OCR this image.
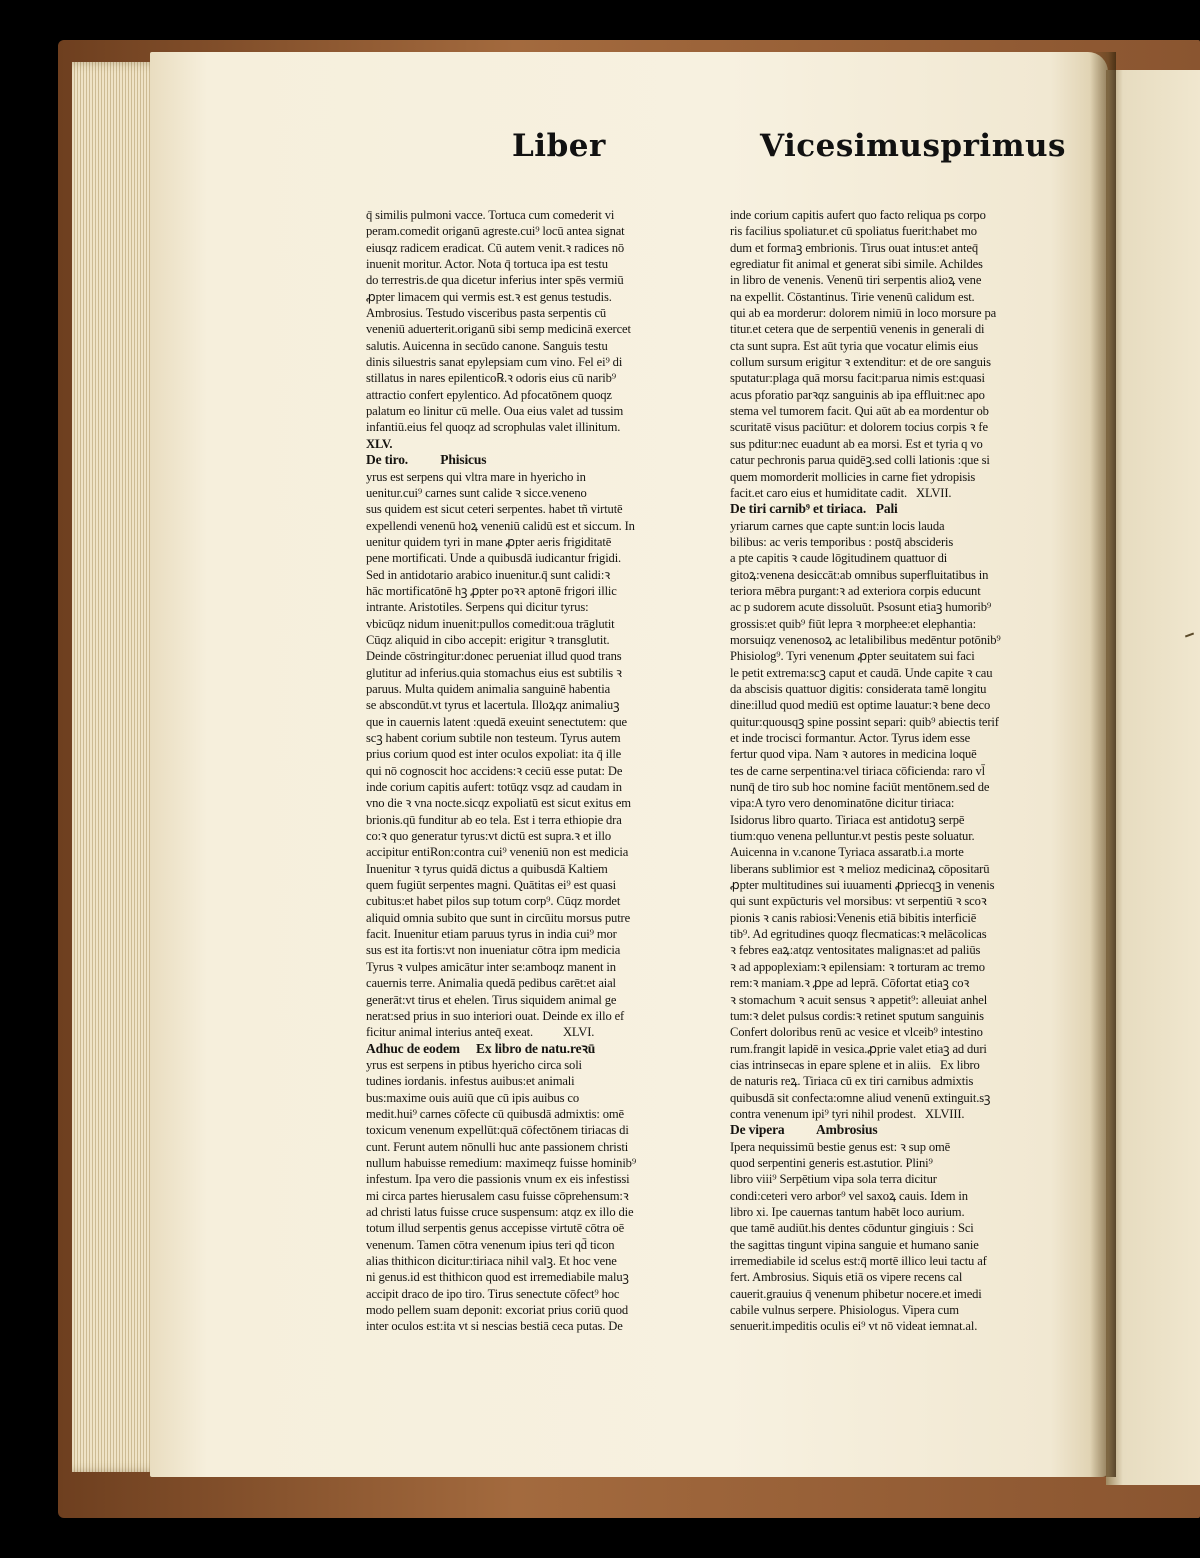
Liber	Vicesimusprimus
q̄ similis pulmoni vacce. Tortuca cum comederit vi
peram.comedit origanū agreste.cui⁹ locū antea signat
eiusqz radicem eradicat. Cū autem venit.ꝛ radices nō
inuenit moritur. Actor. Nota q̄ tortuca ipa est testu
do terrestris.de qua dicetur inferius inter spēs vermiū
ꝓpter limacem qui vermis est.ꝛ est genus testudis.
Ambrosius. Testudo visceribus pasta serpentis cū
veneniū aduerterit.origanū sibi semp medicinā exercet
salutis. Auicenna in secūdo canone. Sanguis testu
dinis siluestris sanat epylepsiam cum vino. Fel ei⁹ di
stillatus in nares epilentico℞.ꝛ odoris eius cū narib⁹
attractio confert epylentico. Ad pfocatōnem quoqz
palatum eo linitur cū melle. Oua eius valet ad tussim
infantiū.eius fel quoqz ad scrophulas valet illinitum.
XLV.
De tiro.          Phisicus
yrus est serpens qui vltra mare in hyericho in
uenitur.cui⁹ carnes sunt calide ꝛ sicce.veneno
sus quidem est sicut ceteri serpentes. habet tñ virtutē
expellendi venenū hoꝝ veneniū calidū est et siccum. In
uenitur quidem tyri in mane ꝓpter aeris frigiditatē
pene mortificati. Unde a quibusdā iudicantur frigidi.
Sed in antidotario arabico inuenitur.q̄ sunt calidi:ꝛ
hāc mortificatōnē hꝫ ꝓpter poꝛꝛ aptonē frigori illic
intrante. Aristotiles. Serpens qui dicitur tyrus:
vbicūqz nidum inuenit:pullos comedit:oua trāglutit
Cūqz aliquid in cibo accepit: erigitur ꝛ transglutit.
Deinde cōstringitur:donec perueniat illud quod trans
glutitur ad inferius.quia stomachus eius est subtilis ꝛ
paruus. Multa quidem animalia sanguinē habentia
se abscondūt.vt tyrus et lacertula. Illoꝝqz animaliuꝫ
que in cauernis latent :quedā exeuint senectutem: que
scꝫ habent corium subtile non testeum. Tyrus autem
prius corium quod est inter oculos expoliat: ita q̄ ille
qui nō cognoscit hoc accidens:ꝛ ceciū esse putat: De
inde corium capitis aufert: totūqz vsqz ad caudam in
vno die ꝛ vna nocte.sicqz expoliatū est sicut exitus em
brionis.qū funditur ab eo tela. Est i terra ethiopie dra
co:ꝛ quo generatur tyrus:vt dictū est supra.ꝛ et illo
accipitur entiRon:contra cui⁹ veneniū non est medicia
Inuenitur ꝛ tyrus quidā dictus a quibusdā Kaltiem
quem fugiūt serpentes magni. Quātitas ei⁹ est quasi
cubitus:et habet pilos sup totum corp⁹. Cūqz mordet
aliquid omnia subito que sunt in circūitu morsus putre
facit. Inuenitur etiam paruus tyrus in india cui⁹ mor
sus est ita fortis:vt non inueniatur cōtra ipm medicia
Tyrus ꝛ vulpes amicātur inter se:amboqz manent in
cauernis terre. Animalia quedā pedibus carēt:et aial
generāt:vt tirus et ehelen. Tirus siquidem animal ge
nerat:sed prius in suo interiori ouat. Deinde ex illo ef
ficitur animal interius anteq̄ exeat.          XLVI.
Adhuc de eodem     Ex libro de natu.reꝛū
yrus est serpens in ptibus hyericho circa soli
tudines iordanis. infestus auibus:et animali
bus:maxime ouis auiū que cū ipis auibus co
medit.hui⁹ carnes cōfecte cū quibusdā admixtis: omē
toxicum venenum expellūt:quā cōfectōnem tiriacas di
cunt. Ferunt autem nōnulli huc ante passionem christi
nullum habuisse remedium: maximeqz fuisse hominib⁹
infestum. Ipa vero die passionis vnum ex eis infestissi
mi circa partes hierusalem casu fuisse cōprehensum:ꝛ
ad christi latus fuisse cruce suspensum: atqz ex illo die
totum illud serpentis genus accepisse virtutē cōtra oē
venenum. Tamen cōtra venenum ipius teri qd̄ ticon
alias thithicon dicitur:tiriaca nihil valꝫ. Et hoc vene
ni genus.id est thithicon quod est irremediabile maluꝫ
accipit draco de ipo tiro. Tirus senectute cōfect⁹ hoc
modo pellem suam deponit: excoriat prius coriū quod
inter oculos est:ita vt si nescias bestiā ceca putas. De
inde corium capitis aufert quo facto reliqua ps corpo
ris facilius spoliatur.et cū spoliatus fuerit:habet mo
dum et formaꝫ embrionis. Tirus ouat intus:et anteq̄
egrediatur fit animal et generat sibi simile. Achildes
in libro de venenis. Venenū tiri serpentis alioꝝ vene
na expellit. Cōstantinus. Tirie venenū calidum est.
qui ab ea morderur: dolorem nimiū in loco morsure pa
titur.et cetera que de serpentiū venenis in generali di
cta sunt supra. Est aūt tyria que vocatur elimis eius
collum sursum erigitur ꝛ extenditur: et de ore sanguis
sputatur:plaga quā morsu facit:parua nimis est:quasi
acus pforatio parꝛqz sanguinis ab ipa effluit:nec apo
stema vel tumorem facit. Qui aūt ab ea mordentur ob
scuritatē visus paciūtur: et dolorem tocius corpis ꝛ fe
sus pditur:nec euadunt ab ea morsi. Est et tyria q vo
catur pechronis parua quidēꝫ.sed colli lationis :que si
quem momorderit mollicies in carne fiet ydropisis
facit.et caro eius et humiditate cadit.   XLVII.
De tiri carnib⁹ et tiriaca.   Pali
yriarum carnes que capte sunt:in locis lauda
bilibus: ac veris temporibus : postq̄ abscideris
a pte capitis ꝛ caude lōgitudinem quattuor di
gitoꝝ:venena desiccāt:ab omnibus superfluitatibus in
teriora mēbra purgant:ꝛ ad exteriora corpis educunt
ac p sudorem acute dissoluūt. Psosunt etiaꝫ humorib⁹
grossis:et quib⁹ fiūt lepra ꝛ morphee:et elephantia:
morsuiqz venenosoꝝ ac letalibilibus medēntur potōnib⁹
Phisiolog⁹. Tyri venenum ꝓpter seuitatem sui faci
le petit extrema:scꝫ caput et caudā. Unde capite ꝛ cau
da abscisis quattuor digitis: considerata tamē longitu
dine:illud quod mediū est optime lauatur:ꝛ bene deco
quitur:quousqꝫ spine possint separi: quib⁹ abiectis terif
et inde trocisci formantur. Actor. Tyrus idem esse
fertur quod vipa. Nam ꝛ autores in medicina loquē
tes de carne serpentina:vel tiriaca cōficienda: raro vl̄
nunq̄ de tiro sub hoc nomine faciūt mentōnem.sed de
vipa:A tyro vero denominatōne dicitur tiriaca:
Isidorus libro quarto. Tiriaca est antidotuꝫ serpē
tium:quo venena pelluntur.vt pestis peste soluatur.
Auicenna in v.canone Tyriaca assaratb.i.a morte
liberans sublimior est ꝛ melioz medicinaꝝ cōpositarū
ꝓpter multitudines sui iuuamenti ꝓpriecqꝫ in venenis
qui sunt expūcturis vel morsibus: vt serpentiū ꝛ scoꝛ
pionis ꝛ canis rabiosi:Venenis etiā bibitis interficiē
tib⁹. Ad egritudines quoqz flecmaticas:ꝛ melācolicas
ꝛ febres eaꝝ:atqz ventositates malignas:et ad paliūs
ꝛ ad appoplexiam:ꝛ epilensiam: ꝛ torturam ac tremo
rem:ꝛ maniam.ꝛ ꝓpe ad leprā. Cōfortat etiaꝫ coꝛ
ꝛ stomachum ꝛ acuit sensus ꝛ appetit⁹: alleuiat anhel
tum:ꝛ delet pulsus cordis:ꝛ retinet sputum sanguinis
Confert doloribus renū ac vesice et vlceib⁹ intestino
rum.frangit lapidē in vesica.ꝓprie valet etiaꝫ ad duri
cias intrinsecas in epare splene et in aliis.   Ex libro
de naturis reꝝ. Tiriaca cū ex tiri carnibus admixtis
quibusdā sit confecta:omne aliud venenū extinguit.sꝫ
contra venenum ipi⁹ tyri nihil prodest.   XLVIII.
De vipera          Ambrosius
Ipera nequissimū bestie genus est: ꝛ sup omē
quod serpentini generis est.astutior. Plini⁹
libro viii⁹ Serpētium vipa sola terra dicitur
condi:ceteri vero arbor⁹ vel saxoꝝ cauis. Idem in
libro xi. Ipe cauernas tantum habēt loco aurium.
que tamē audiūt.his dentes cōduntur gingiuis : Sci
the sagittas tingunt vipina sanguie et humano sanie
irremediabile id scelus est:q̄ mortē illico leui tactu af
fert. Ambrosius. Siquis etiā os vipere recens cal
cauerit.grauius q̄ venenum phibetur nocere.et imedi
cabile vulnus serpere. Phisiologus. Vipera cum
senuerit.impeditis oculis ei⁹ vt nō videat iemnat.al.
